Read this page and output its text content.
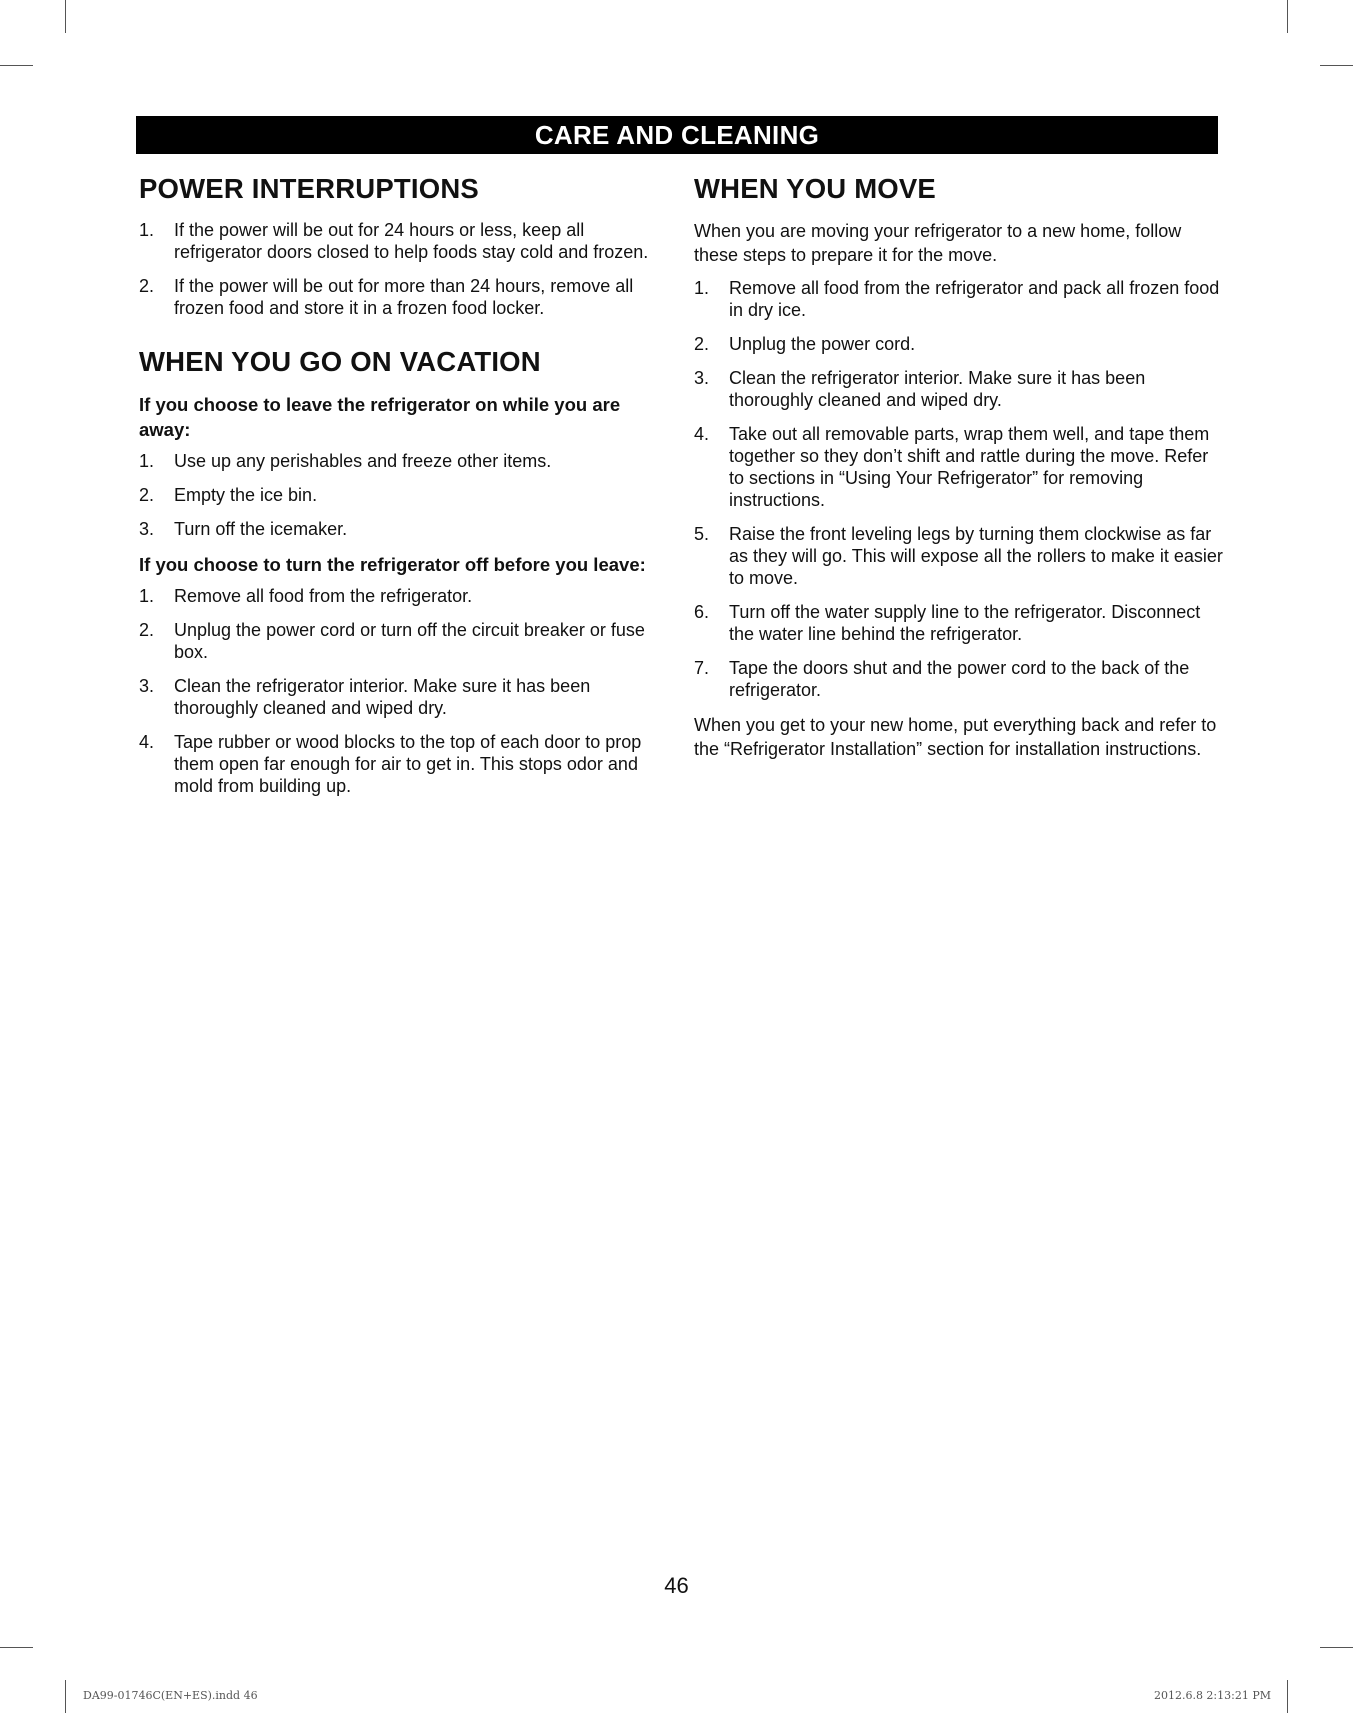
CARE AND CLEANING
POWER INTERRUPTIONS
1.	If the power will be out for 24 hours or less, keep all refrigerator doors closed to help foods stay cold and frozen.
2.	If the power will be out for more than 24 hours, remove all frozen food and store it in a frozen food locker.
WHEN YOU GO ON VACATION

If you choose to leave the refrigerator on while you are away:

1.	Use up any perishables and freeze other items.
2.	Empty the ice bin.
3.	Turn off the icemaker.

If you choose to turn the refrigerator off before you leave:

1.	Remove all food from the refrigerator.
2.	Unplug the power cord or turn off the circuit breaker or fuse box.
3.	Clean the refrigerator interior. Make sure it has been thoroughly cleaned and wiped dry.
4.	Tape rubber or wood blocks to the top of each door to prop them open far enough for air to get in. This stops odor and mold from building up.
WHEN YOU MOVE

When you are moving your refrigerator to a new home, follow these steps to prepare it for the move.

1.	Remove all food from the refrigerator and pack all frozen food in dry ice.
2.	Unplug the power cord.
3.	Clean the refrigerator interior. Make sure it has been thoroughly cleaned and wiped dry.
4.	Take out all removable parts, wrap them well, and tape them together so they don’t shift and rattle during the move. Refer to sections in “Using Your Refrigerator” for removing instructions.
5.	Raise the front leveling legs by turning them clockwise as far as they will go. This will expose all the rollers to make it easier to move.
6.	Turn off the water supply line to the refrigerator. Disconnect the water line behind the refrigerator.
7.	Tape the doors shut and the power cord to the back of the refrigerator.

When you get to your new home, put everything back and refer to the “Refrigerator Installation” section for installation instructions.

46
DA99-01746C(EN+ES).indd 46	2012.6.8 2:13:21 PM
